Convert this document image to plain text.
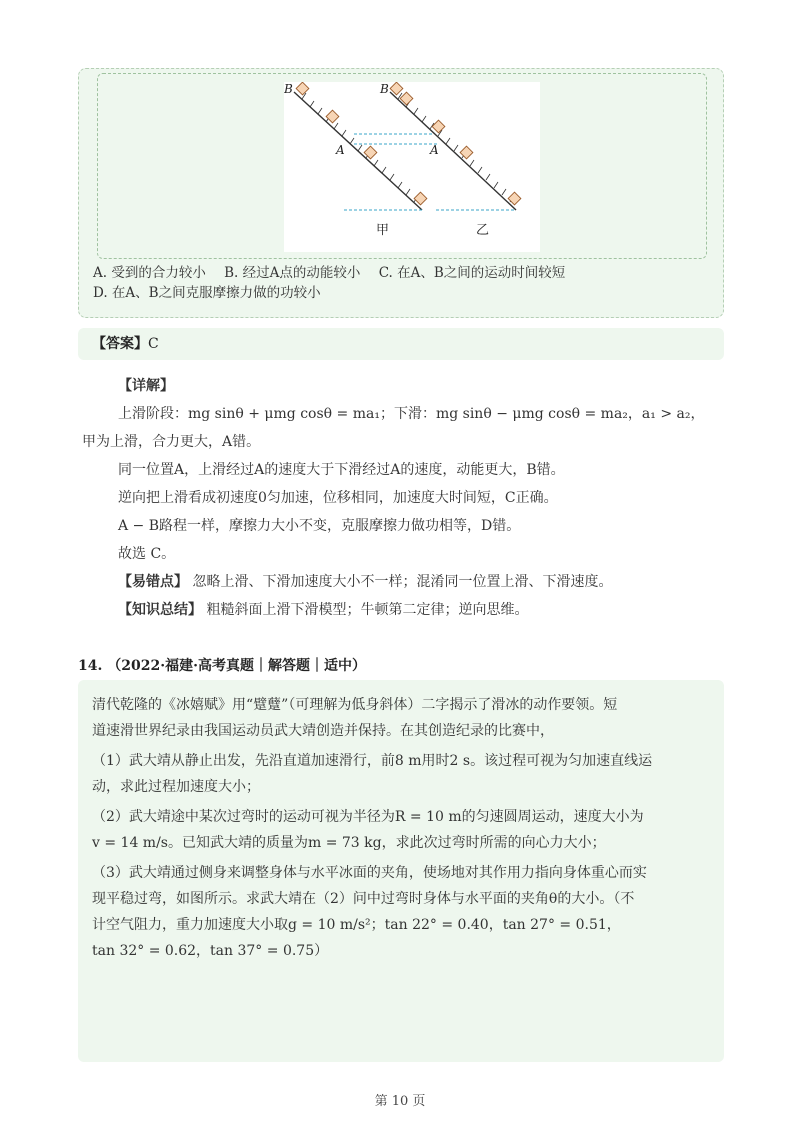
B	B
A	A
甲	乙
A. 受到的合力较小 B. 经过A点的动能较小 C. 在A、B之间的运动时间较短
D. 在A、B之间克服摩擦力做的功较小
【答案】C
【详解】
上滑阶段：mg sinθ + μmg cosθ = ma₁；下滑：mg sinθ − μmg cosθ = ma₂，a₁ > a₂，
甲为上滑，合力更大，A错。
同一位置A，上滑经过A的速度大于下滑经过A的速度，动能更大，B错。
逆向把上滑看成初速度0匀加速，位移相同，加速度大时间短，C正确。
A − B路程一样，摩擦力大小不变，克服摩擦力做功相等，D错。
故选 C。
【易错点】 忽略上滑、下滑加速度大小不一样；混淆同一位置上滑、下滑速度。
【知识总结】 粗糙斜面上滑下滑模型；牛顿第二定律；逆向思维。
14. （2022·福建·高考真题｜解答题｜适中）
清代乾隆的《冰嬉赋》用“躄躠”（可理解为低身斜体）二字揭示了滑冰的动作要领。短
道速滑世界纪录由我国运动员武大靖创造并保持。在其创造纪录的比赛中，
（1）武大靖从静止出发，先沿直道加速滑行，前8 m用时2 s。该过程可视为匀加速直线运
动，求此过程加速度大小；
（2）武大靖途中某次过弯时的运动可视为半径为R = 10 m的匀速圆周运动，速度大小为
v = 14 m/s。已知武大靖的质量为m = 73 kg，求此次过弯时所需的向心力大小；
（3）武大靖通过侧身来调整身体与水平冰面的夹角，使场地对其作用力指向身体重心而实
现平稳过弯，如图所示。求武大靖在（2）问中过弯时身体与水平面的夹角θ的大小。（不
计空气阻力，重力加速度大小取g = 10 m/s²；tan 22° = 0.40，tan 27° = 0.51，
tan 32° = 0.62，tan 37° = 0.75）
第 10 页
